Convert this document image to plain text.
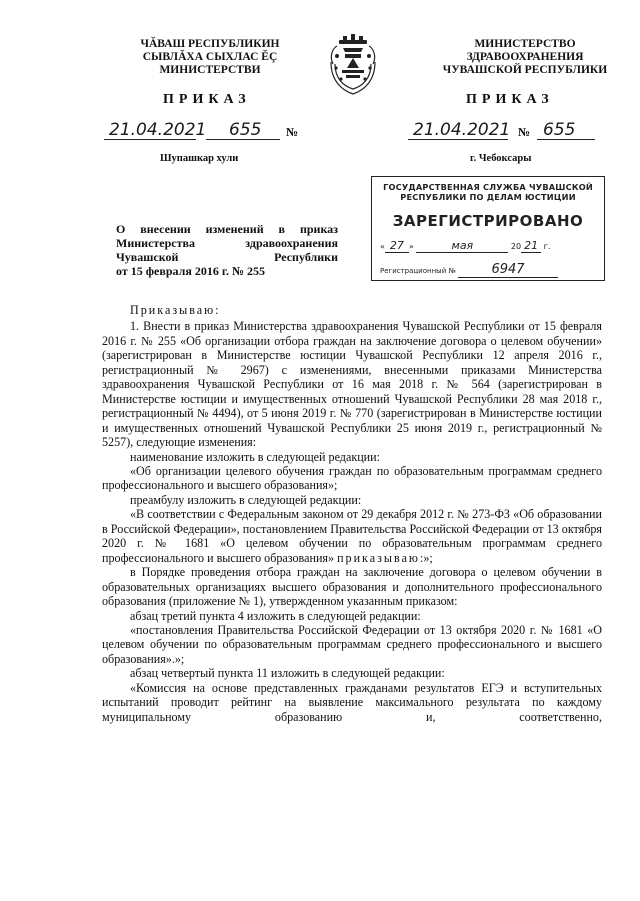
ЧĂВАШ РЕСПУБЛИКИН
СЫВЛĂХА СЫХЛАС ĔÇ
МИНИСТЕРСТВИ
МИНИСТЕРСТВО
ЗДРАВООХРАНЕНИЯ
ЧУВАШСКОЙ РЕСПУБЛИКИ
ПРИКАЗ	ПРИКАЗ
21.04.2021 655 №	21.04.2021 № 655
Шупашкар хули	г. Чебоксары
ГОСУДАРСТВЕННАЯ СЛУЖБА ЧУВАШСКОЙ
РЕСПУБЛИКИ ПО ДЕЛАМ ЮСТИЦИИ
ЗАРЕГИСТРИРОВАНО
« 27 »	мая	20 21 г.
Регистрационный №	6947
О внесении изменений в приказ
Министерства здравоохранения
Чувашской Республики
от 15 февраля 2016 г. № 255

Приказываю:

1. Внести в приказ Министерства здравоохранения Чувашской Республики от 15 февраля 2016 г. № 255 «Об организации отбора граждан на заключение договора о целевом обучении» (зарегистрирован в Министерстве юстиции Чувашской Республики 12 апреля 2016 г., регистрационный № 2967) с изменениями, внесенными приказами Министерства здравоохранения Чувашской Республики от 16 мая 2018 г. № 564 (зарегистрирован в Министерстве юстиции и имущественных отношений Чувашской Республики 28 мая 2018 г., регистрационный № 4494), от 5 июня 2019 г. № 770 (зарегистрирован в Министерстве юстиции и имущественных отношений Чувашской Республики 25 июня 2019 г., регистрационный № 5257), следующие изменения:

наименование изложить в следующей редакции:

«Об организации целевого обучения граждан по образовательным программам среднего профессионального и высшего образования»;

преамбулу изложить в следующей редакции:

«В соответствии с Федеральным законом от 29 декабря 2012 г. № 273-ФЗ «Об образовании в Российской Федерации», постановлением Правительства Российской Федерации от 13 октября 2020 г. № 1681 «О целевом обучении по образовательным программам среднего профессионального и высшего образования» приказываю:»;

в Порядке проведения отбора граждан на заключение договора о целевом обучении в образовательных организациях высшего образования и дополнительного профессионального образования (приложение № 1), утвержденном указанным приказом:

абзац третий пункта 4 изложить в следующей редакции:

«постановления Правительства Российской Федерации от 13 октября 2020 г. № 1681 «О целевом обучении по образовательным программам среднего профессионального и высшего образования».»;

абзац четвертый пункта 11 изложить в следующей редакции:

«Комиссия на основе представленных гражданами результатов ЕГЭ и вступительных испытаний проводит рейтинг на выявление максимального результата по каждому муниципальному образованию и, соответственно,
